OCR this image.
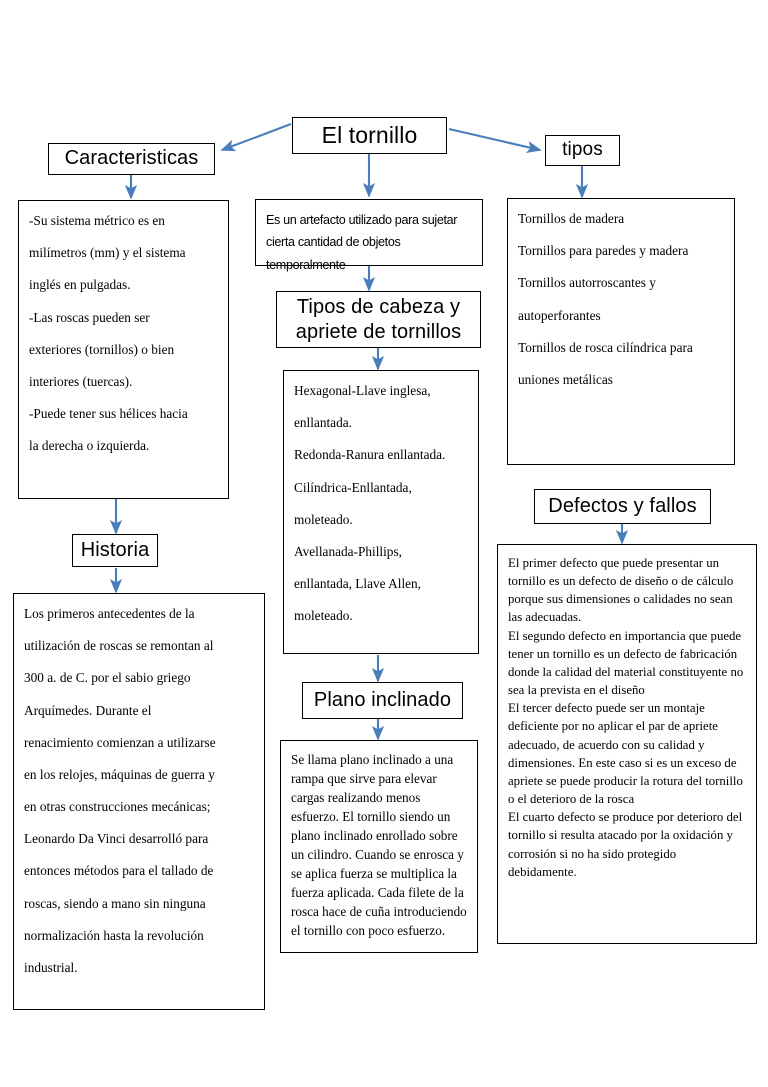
El tornillo

Es un artefacto utilizado para sujetar

cierta cantidad de objetos

temporalmente

Caracteristicas

-Su sistema métrico es en

milímetros (mm) y el sistema

inglés en pulgadas.

-Las roscas pueden ser

exteriores (tornillos) o bien

interiores (tuercas).

-Puede tener sus hélices hacia

la derecha o izquierda.

Historia

Los primeros antecedentes de la

utilización de roscas se remontan al

300 a. de C. por el sabio griego

Arquímedes. Durante el

renacimiento comienzan a utilizarse

en los relojes, máquinas de guerra y

en otras construcciones mecánicas;

Leonardo Da Vinci desarrolló para

entonces métodos para el tallado de

roscas, siendo a mano sin ninguna

normalización hasta la revolución

industrial.

Tipos de cabeza y
apriete de tornillos

Hexagonal-Llave inglesa,

enllantada.

Redonda-Ranura enllantada.

Cilíndrica-Enllantada,

moleteado.

Avellanada-Phillips,

enllantada, Llave Allen,

moleteado.

Plano inclinado

Se llama plano inclinado a una rampa que sirve para elevar cargas realizando menos esfuerzo. El tornillo siendo un plano inclinado enrollado sobre un cilindro. Cuando se enrosca y se aplica fuerza se multiplica la fuerza aplicada. Cada filete de la rosca hace de cuña introduciendo el tornillo con poco esfuerzo.

tipos

Tornillos de madera

Tornillos para paredes y madera

Tornillos autorroscantes y

autoperforantes

Tornillos de rosca cilíndrica para

uniones metálicas

Defectos y fallos

El primer defecto que puede presentar un tornillo es un defecto de diseño o de cálculo porque sus dimensiones o calidades no sean las adecuadas.

El segundo defecto en importancia que puede tener un tornillo es un defecto de fabricación donde la calidad del material constituyente no sea la prevista en el diseño

El tercer defecto puede ser un montaje deficiente por no aplicar el par de apriete adecuado, de acuerdo con su calidad y dimensiones. En este caso si es un exceso de apriete se puede producir la rotura del tornillo o el deterioro de la rosca

El cuarto defecto se produce por deterioro del tornillo si resulta atacado por la oxidación y corrosión si no ha sido protegido debidamente.
